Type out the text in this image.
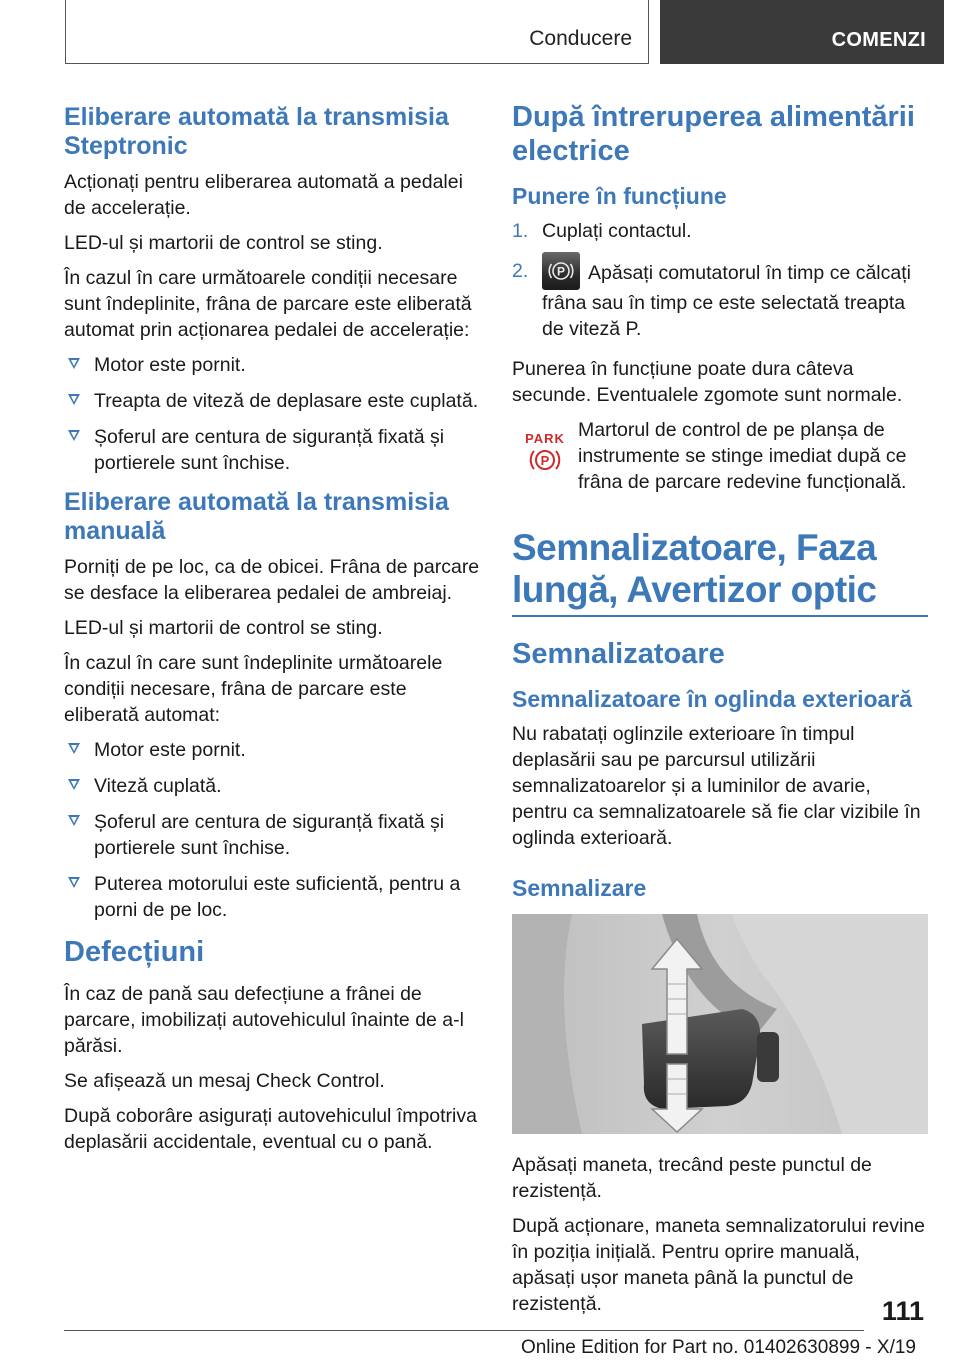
Conducere	COMENZI
Eliberare automată la transmisia Steptronic

Acționați pentru eliberarea automată a pedalei de accelerație.

LED-ul și martorii de control se sting.

În cazul în care următoarele condiții necesare sunt îndeplinite, frâna de parcare este eliberată automat prin acționarea pedalei de accelerație:

Motor este pornit.
Treapta de viteză de deplasare este cuplată.
Șoferul are centura de siguranță fixată și portierele sunt închise.
Eliberare automată la transmisia manuală

Porniți de pe loc, ca de obicei. Frâna de parcare se desface la eliberarea pedalei de ambreiaj.

LED-ul și martorii de control se sting.

În cazul în care sunt îndeplinite următoarele condiții necesare, frâna de parcare este eliberată automat:

Motor este pornit.
Viteză cuplată.
Șoferul are centura de siguranță fixată și portierele sunt închise.
Puterea motorului este suficientă, pentru a porni de pe loc.
Defecțiuni

În caz de pană sau defecțiune a frânei de parcare, imobilizați autovehiculul înainte de a-l părăsi.

Se afișează un mesaj Check Control.

După coborâre asigurați autovehiculul împotriva deplasării accidentale, eventual cu o pană.

După întreruperea alimentării electrice
Punere în funcțiune
1. Cuplați contactul.
2. P Apăsați comutatorul în timp ce călcați frâna sau în timp ce este selectată treapta de viteză P.

Punerea în funcțiune poate dura câteva secunde. Eventualele zgomote sunt normale.

PARK
P
Martorul de control de pe planșa de instrumente se stinge imediat după ce frâna de parcare redevine funcțională.
Semnalizatoare, Faza lungă, Avertizor optic
Semnalizatoare
Semnalizatoare în oglinda exterioară

Nu rabatați oglinzile exterioare în timpul deplasării sau pe parcursul utilizării semnalizatoarelor și a luminilor de avarie, pentru ca semnalizatoarele să fie clar vizibile în oglinda exterioară.

Semnalizare

Apăsați maneta, trecând peste punctul de rezistență.

După acționare, maneta semnalizatorului revine în poziția inițială. Pentru oprire manuală, apăsați ușor maneta până la punctul de rezistență.	111
Online Edition for Part no. 01402630899 - X/19
